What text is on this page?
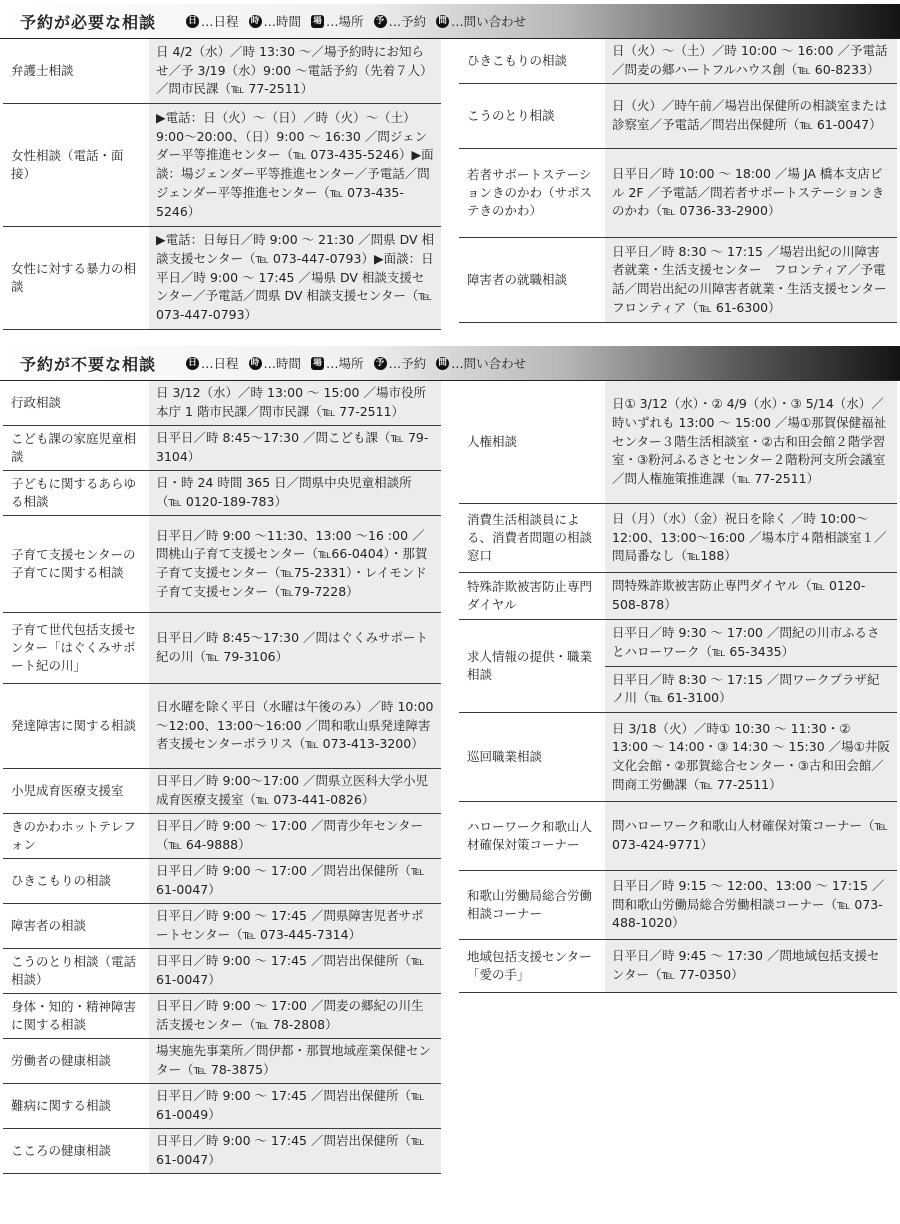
予約が必要な相談	日 …日程 時 …時間 場 …場所 予 …予約 問 …問い合わせ
弁護士相談
日 4/2（水）／時 13:30 ～／場予約時にお知らせ／予 3/19（水）9:00 ～電話予約（先着７人）／問市民課（℡ 77-2511）
女性相談（電話・面接）
▶電話：日（火）～（日）／時（火）～（土）9:00～20:00、（日）9:00 ～ 16:30 ／問ジェンダー平等推進センター（℡ 073-435-5246）▶面談：場ジェンダー平等推進センター／予電話／問ジェンダー平等推進センター（℡ 073-435-5246）
女性に対する暴力の相談
▶電話：日毎日／時 9:00 ～ 21:30 ／問県 DV 相談支援センター（℡ 073-447-0793）▶面談：日平日／時 9:00 ～ 17:45 ／場県 DV 相談支援センター／予電話／問県 DV 相談支援センター（℡ 073-447-0793）
ひきこもりの相談
日（火）～（土）／時 10:00 ～ 16:00 ／予電話／問麦の郷ハートフルハウス創（℡ 60-8233）
こうのとり相談
日（火）／時午前／場岩出保健所の相談室または診察室／予電話／問岩出保健所（℡ 61-0047）
若者サポートステーションきのかわ（サポステきのかわ）
日平日／時 10:00 ～ 18:00 ／場 JA 橋本支店ビル 2F ／予電話／問若者サポートステーションきのかわ（℡ 0736-33-2900）
障害者の就職相談
日平日／時 8:30 ～ 17:15 ／場岩出紀の川障害者就業・生活支援センター　フロンティア／予電話／問岩出紀の川障害者就業・生活支援センター　フロンティア（℡ 61-6300）
予約が不要な相談	日 …日程 時 …時間 場 …場所 予 …予約 問 …問い合わせ
行政相談
日 3/12（水）／時 13:00 ～ 15:00 ／場市役所本庁 1 階市民課／問市民課（℡ 77-2511）
こども課の家庭児童相談
日平日／時 8:45～17:30 ／問こども課（℡ 79-3104）
子どもに関するあらゆる相談
日・時 24 時間 365 日／問県中央児童相談所（℡ 0120-189-783）
子育て支援センターの子育てに関する相談
日平日／時 9:00 ～11:30、13:00 ～16 :00 ／問桃山子育て支援センター（℡66-0404）・那賀子育て支援センター（℡75-2331）・レイモンド子育て支援センター（℡79-7228）
子育て世代包括支援センター「はぐくみサポート紀の川」
日平日／時 8:45～17:30 ／問はぐくみサポート紀の川（℡ 79-3106）
発達障害に関する相談
日水曜を除く平日（水曜は午後のみ）／時 10:00～12:00、13:00～16:00 ／問和歌山県発達障害者支援センターポラリス（℡ 073-413-3200）
小児成育医療支援室
日平日／時 9:00～17:00 ／問県立医科大学小児成育医療支援室（℡ 073-441-0826）
きのかわホットテレフォン
日平日／時 9:00 ～ 17:00 ／問青少年センター（℡ 64-9888）
ひきこもりの相談
日平日／時 9:00 ～ 17:00 ／問岩出保健所（℡ 61-0047）
障害者の相談
日平日／時 9:00 ～ 17:45 ／問県障害児者サポートセンター（℡ 073-445-7314）
こうのとり相談（電話相談）
日平日／時 9:00 ～ 17:45 ／問岩出保健所（℡ 61-0047）
身体・知的・精神障害に関する相談
日平日／時 9:00 ～ 17:00 ／問麦の郷紀の川生活支援センター（℡ 78-2808）
労働者の健康相談
場実施先事業所／問伊都・那賀地域産業保健センター（℡ 78-3875）
難病に関する相談
日平日／時 9:00 ～ 17:45 ／問岩出保健所（℡ 61-0049）
こころの健康相談
日平日／時 9:00 ～ 17:45 ／問岩出保健所（℡ 61-0047）
人権相談
日① 3/12（水）・② 4/9（水）・③ 5/14（水）／時いずれも 13:00 ～ 15:00 ／場①那賀保健福祉センター３階生活相談室・②古和田会館２階学習室・③粉河ふるさとセンター２階粉河支所会議室／問人権施策推進課（℡ 77-2511）
消費生活相談員による、消費者問題の相談窓口
日（月）（水）（金）祝日を除く ／時 10:00～12:00、13:00～16:00 ／場本庁４階相談室１／問局番なし（℡188）
特殊詐欺被害防止専門ダイヤル
問特殊詐欺被害防止専門ダイヤル（℡ 0120-508-878）
求人情報の提供・職業相談
日平日／時 9:30 ～ 17:00 ／問紀の川市ふるさとハローワーク（℡ 65-3435）
日平日／時 8:30 ～ 17:15 ／問ワークプラザ紀ノ川（℡ 61-3100）
巡回職業相談
日 3/18（火）／時① 10:30 ～ 11:30・② 13:00 ～ 14:00・③ 14:30 ～ 15:30 ／場①井阪文化会館・②那賀総合センター・③古和田会館／問商工労働課（℡ 77-2511）
ハローワーク和歌山人材確保対策コーナー
問ハローワーク和歌山人材確保対策コーナー（℡ 073-424-9771）
和歌山労働局総合労働相談コーナー
日平日／時 9:15 ～ 12:00、13:00 ～ 17:15 ／問和歌山労働局総合労働相談コーナー（℡ 073-488-1020）
地域包括支援センター「愛の手」
日平日／時 9:45 ～ 17:30 ／問地域包括支援センター（℡ 77-0350）
